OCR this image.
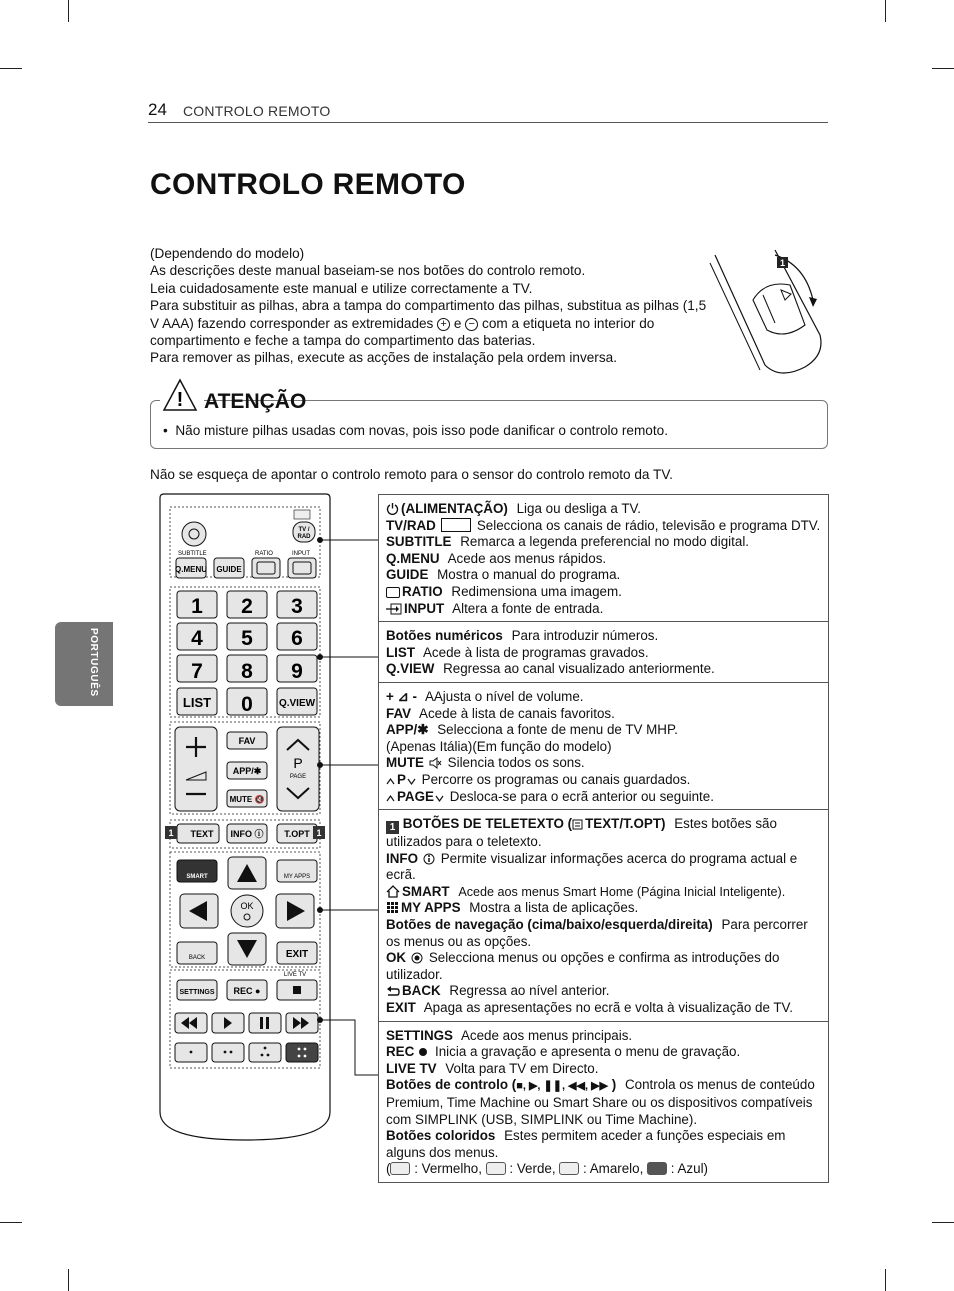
24 CONTROLO REMOTO
CONTROLO REMOTO
PORTUGUÊS

(Dependendo do modelo)

As descrições deste manual baseiam-se nos botões do controlo remoto.

Leia cuidadosamente este manual e utilize correctamente a TV.

Para substituir as pilhas, abra a tampa do compartimento das pilhas, substitua as pilhas (1,5 V AAA) fazendo corresponder as extremidades + e − com a etiqueta no interior do compartimento e feche a tampa do compartimento das baterias.

Para remover as pilhas, execute as acções de instalação pela ordem inversa.

1
• Não misture pilhas usadas com novas, pois isso pode danificar o controlo remoto.
! ATENÇÃO
Não se esqueça de apontar o controlo remoto para o sensor do controlo remoto da TV.
TV /
RAD
SUBTITLE	RATIO	INPUT
Q.MENU GUIDE
1 2 3
4 5 6
7 8 9
0
LIST	Q.VIEW
FAV
APP/✱
MUTE 🔇
P
PAGE
TEXT INFO ⓘ T.OPT
1	1
SMART	MY APPS
OK
BACK	EXIT
LIVE TV
SETTINGS REC ●

(ALIMENTAÇÃO) Liga ou desliga a TV.

TV/RAD	Selecciona os canais de rádio, televisão e programa DTV.

SUBTITLE Remarca a legenda preferencial no modo digital.

Q.MENU Acede aos menus rápidos.

GUIDE Mostra o manual do programa.

RATIO Redimensiona uma imagem.

INPUT Altera a fonte de entrada.

Botões numéricos Para introduzir números.

LIST Acede à lista de programas gravados.

Q.VIEW Regressa ao canal visualizado anteriormente.

+ ⊿ - AAjusta o nível de volume.

FAV Acede à lista de canais favoritos.

APP/✱ Selecciona a fonte de menu de TV MHP.

(Apenas Itália)(Em função do modelo)

MUTE Silencia todos os sons.

P Percorre os programas ou canais guardados.

PAGE Desloca-se para o ecrã anterior ou seguinte.

1 BOTÕES DE TELETEXTO ( TEXT/T.OPT) Estes botões são utilizados para o teletexto.

INFO Permite visualizar informações acerca do programa actual e ecrã.

SMART Acede aos menus Smart Home (Página Inicial Inteligente).

MY APPS Mostra a lista de aplicações.

Botões de navegação (cima/baixo/esquerda/direita) Para percorrer os menus ou as opções.

OK Selecciona menus ou opções e confirma as introduções do utilizador.

BACK Regressa ao nível anterior.

EXIT Apaga as apresentações no ecrã e volta à visualização de TV.

SETTINGS Acede aos menus principais.

REC Inicia a gravação e apresenta o menu de gravação.

LIVE TV Volta para TV em Directo.

Botões de controlo (■, ▶, ❚❚, ◀◀, ▶▶ ) Controla os menus de conteúdo Premium, Time Machine ou Smart Share ou os dispositivos compatíveis com SIMPLINK (USB, SIMPLINK ou Time Machine).

Botões coloridos Estes permitem aceder a funções especiais em alguns dos menus.

( : Vermelho, : Verde, : Amarelo, : Azul)
